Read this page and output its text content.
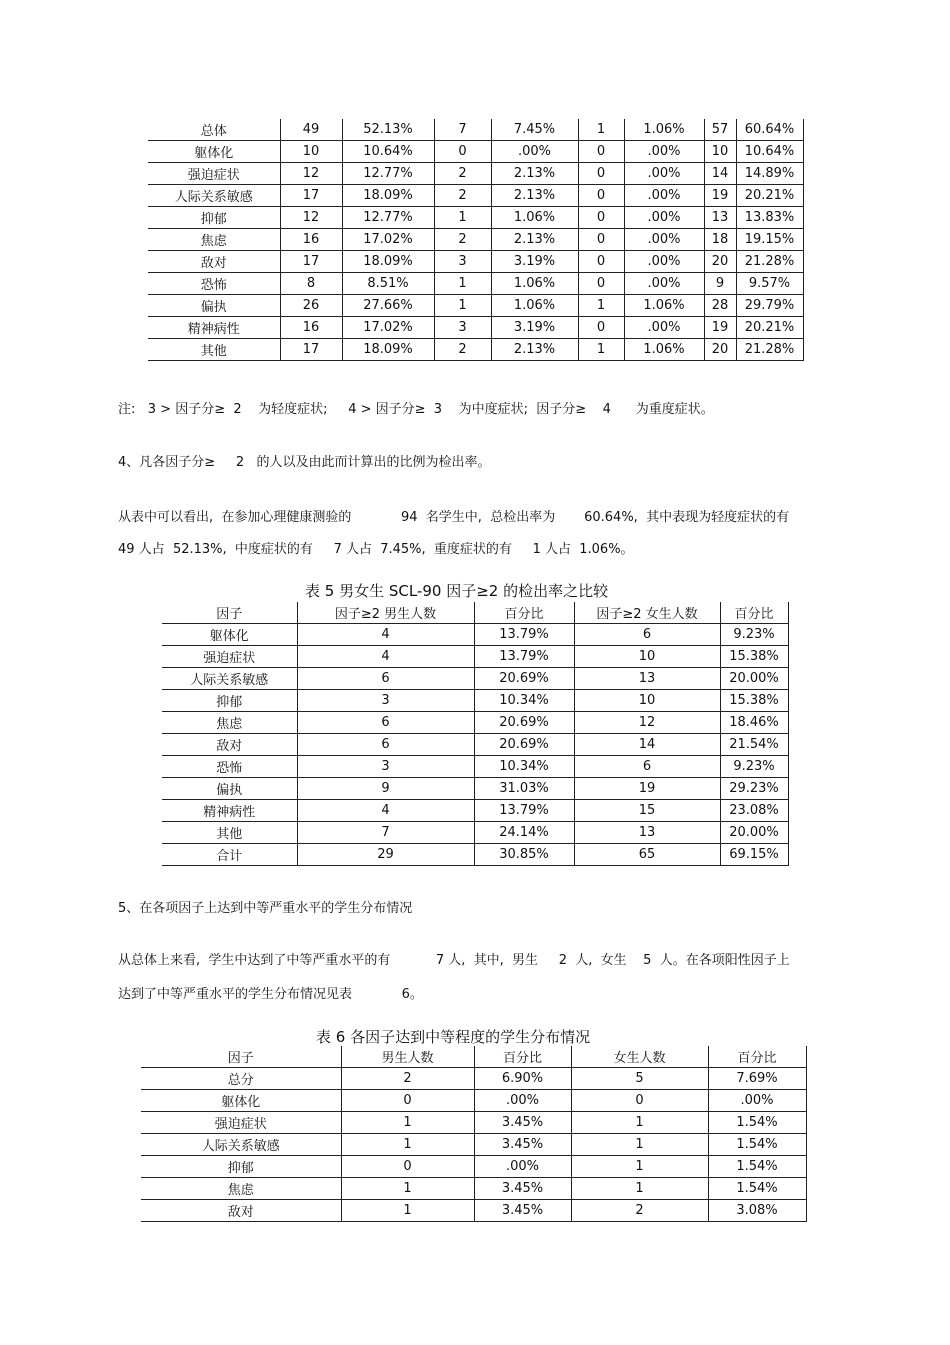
总体	49	52.13%	7	7.45%	1	1.06%	57	60.64%
躯体化	10	10.64%	0	.00%	0	.00%	10	10.64%
强迫症状	12	12.77%	2	2.13%	0	.00%	14	14.89%
人际关系敏感	17	18.09%	2	2.13%	0	.00%	19	20.21%
抑郁	12	12.77%	1	1.06%	0	.00%	13	13.83%
焦虑	16	17.02%	2	2.13%	0	.00%	18	19.15%
敌对	17	18.09%	3	3.19%	0	.00%	20	21.28%
恐怖	8	8.51%	1	1.06%	0	.00%	9	9.57%
偏执	26	27.66%	1	1.06%	1	1.06%	28	29.79%
精神病性	16	17.02%	3	3.19%	0	.00%	19	20.21%
其他	17	18.09%	2	2.13%	1	1.06%	20	21.28%
注:   3 > 因子分≥  2    为轻度症状;     4 > 因子分≥  3    为中度症状;  因子分≥    4      为重度症状。
4、凡各因子分≥     2   的人以及由此而计算出的比例为检出率。
从表中可以看出,  在参加心理健康测验的            94  名学生中,  总检出率为       60.64%,  其中表现为轻度症状的有
49 人占  52.13%,  中度症状的有     7 人占  7.45%,  重度症状的有     1 人占  1.06%。
表 5 男女生 SCL-90 因子≥2 的检出率之比较
因子	因子≥2 男生人数	百分比	因子≥2 女生人数	百分比
躯体化	4	13.79%	6	9.23%
强迫症状	4	13.79%	10	15.38%
人际关系敏感	6	20.69%	13	20.00%
抑郁	3	10.34%	10	15.38%
焦虑	6	20.69%	12	18.46%
敌对	6	20.69%	14	21.54%
恐怖	3	10.34%	6	9.23%
偏执	9	31.03%	19	29.23%
精神病性	4	13.79%	15	23.08%
其他	7	24.14%	13	20.00%
合计	29	30.85%	65	69.15%
5、在各项因子上达到中等严重水平的学生分布情况
从总体上来看,  学生中达到了中等严重水平的有           7 人,  其中,  男生     2  人,  女生    5  人。在各项阳性因子上
达到了中等严重水平的学生分布情况见表            6。
表 6 各因子达到中等程度的学生分布情况
因子	男生人数	百分比	女生人数	百分比
总分	2	6.90%	5	7.69%
躯体化	0	.00%	0	.00%
强迫症状	1	3.45%	1	1.54%
人际关系敏感	1	3.45%	1	1.54%
抑郁	0	.00%	1	1.54%
焦虑	1	3.45%	1	1.54%
敌对	1	3.45%	2	3.08%
